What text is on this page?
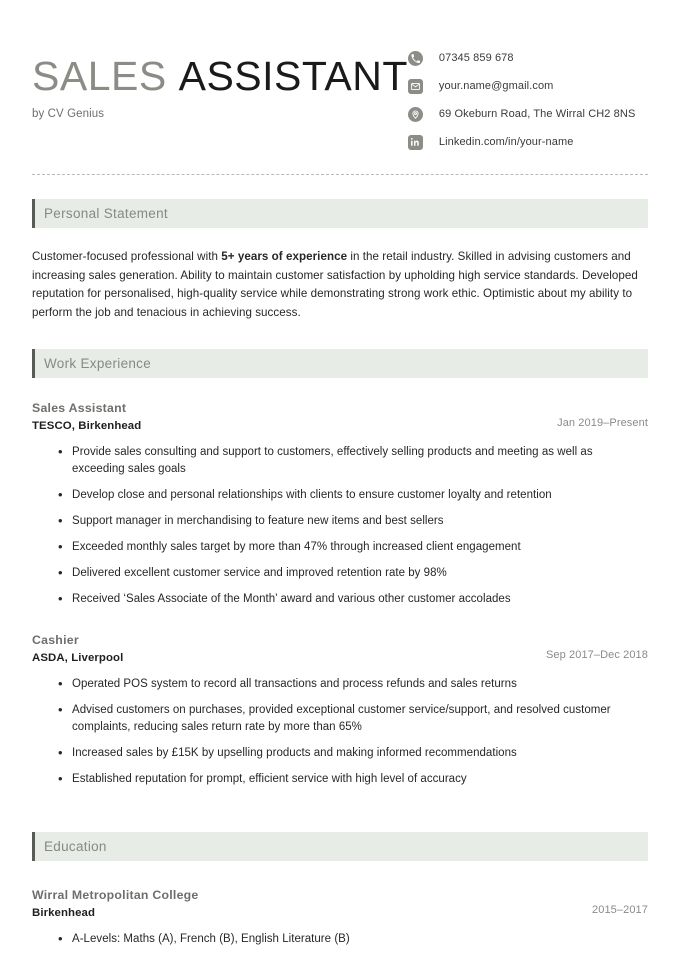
SALES ASSISTANT
by CV Genius
07345 859 678
your.name@gmail.com
69 Okeburn Road, The Wirral CH2 8NS
Linkedin.com/in/your-name
Personal Statement
Customer-focused professional with 5+ years of experience in the retail industry. Skilled in advising customers and increasing sales generation. Ability to maintain customer satisfaction by upholding high service standards. Developed reputation for personalised, high-quality service while demonstrating strong work ethic. Optimistic about my ability to perform the job and tenacious in achieving success.
Work Experience
Sales Assistant
TESCO, Birkenhead	Jan 2019–Present
• Provide sales consulting and support to customers, effectively selling products and meeting as well as exceeding sales goals
• Develop close and personal relationships with clients to ensure customer loyalty and retention
• Support manager in merchandising to feature new items and best sellers
• Exceeded monthly sales target by more than 47% through increased client engagement
• Delivered excellent customer service and improved retention rate by 98%
• Received ‘Sales Associate of the Month’ award and various other customer accolades
Cashier
ASDA, Liverpool	Sep 2017–Dec 2018
• Operated POS system to record all transactions and process refunds and sales returns
• Advised customers on purchases, provided exceptional customer service/support, and resolved customer complaints, reducing sales return rate by more than 65%
• Increased sales by £15K by upselling products and making informed recommendations
• Established reputation for prompt, efficient service with high level of accuracy
Education
Wirral Metropolitan College
Birkenhead	2015–2017
• A-Levels: Maths (A), French (B), English Literature (B)
